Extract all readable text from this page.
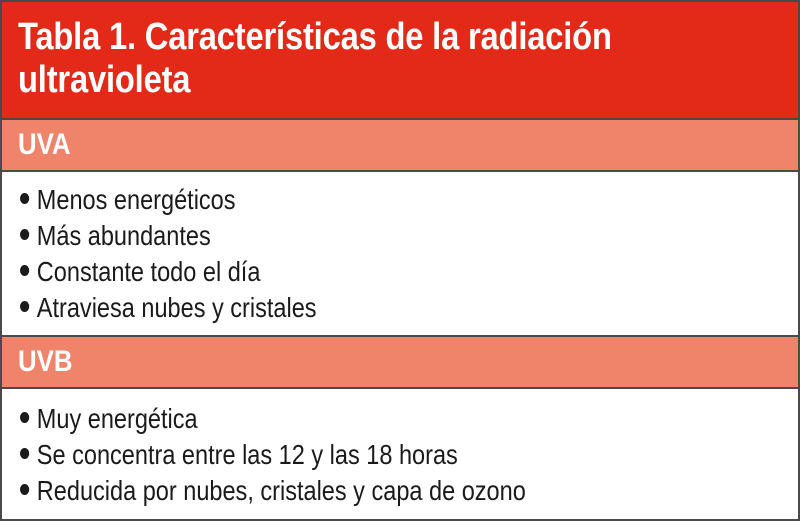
Tabla 1. Características de la radiación ultravioleta
UVA
Menos energéticos
Más abundantes
Constante todo el día
Atraviesa nubes y cristales
UVB
Muy energética
Se concentra entre las 12 y las 18 horas
Reducida por nubes, cristales y capa de ozono
